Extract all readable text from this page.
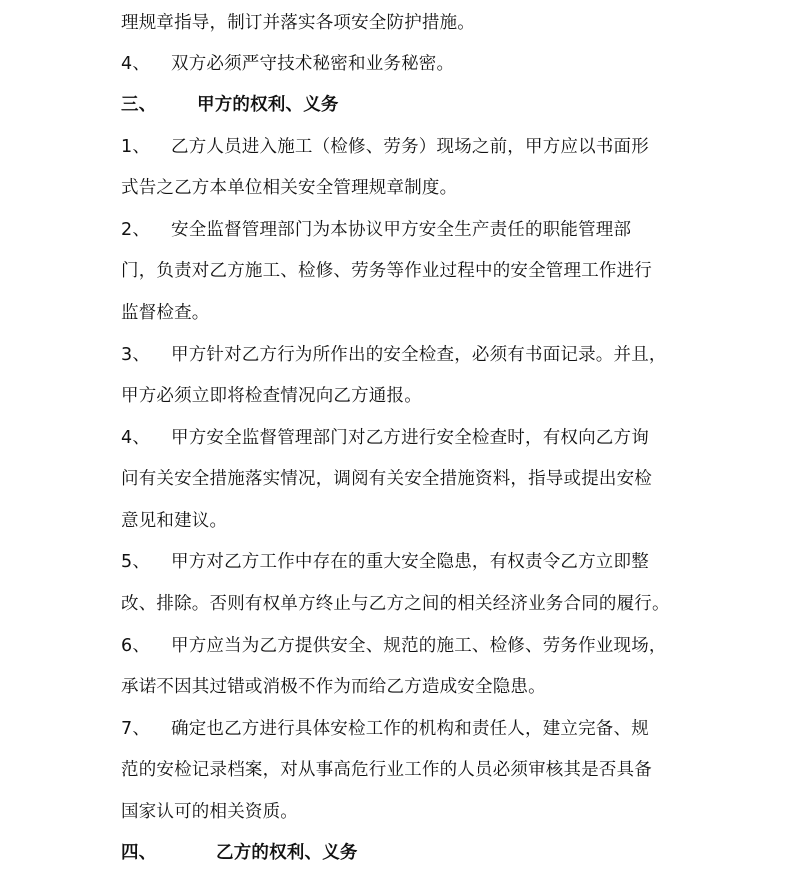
理规章指导，制订并落实各项安全防护措施。
4、 双方必须严守技术秘密和业务秘密。
三、 甲方的权利、义务
1、 乙方人员进入施工（检修、劳务）现场之前，甲方应以书面形
式告之乙方本单位相关安全管理规章制度。
2、 安全监督管理部门为本协议甲方安全生产责任的职能管理部
门，负责对乙方施工、检修、劳务等作业过程中的安全管理工作进行
监督检查。
3、 甲方针对乙方行为所作出的安全检查，必须有书面记录。并且，
甲方必须立即将检查情况向乙方通报。
4、 甲方安全监督管理部门对乙方进行安全检查时，有权向乙方询
问有关安全措施落实情况，调阅有关安全措施资料，指导或提出安检
意见和建议。
5、 甲方对乙方工作中存在的重大安全隐患，有权责令乙方立即整
改、排除。否则有权单方终止与乙方之间的相关经济业务合同的履行。
6、 甲方应当为乙方提供安全、规范的施工、检修、劳务作业现场，
承诺不因其过错或消极不作为而给乙方造成安全隐患。
7、 确定也乙方进行具体安检工作的机构和责任人，建立完备、规
范的安检记录档案，对从事高危行业工作的人员必须审核其是否具备
国家认可的相关资质。
四、	乙方的权利、义务
